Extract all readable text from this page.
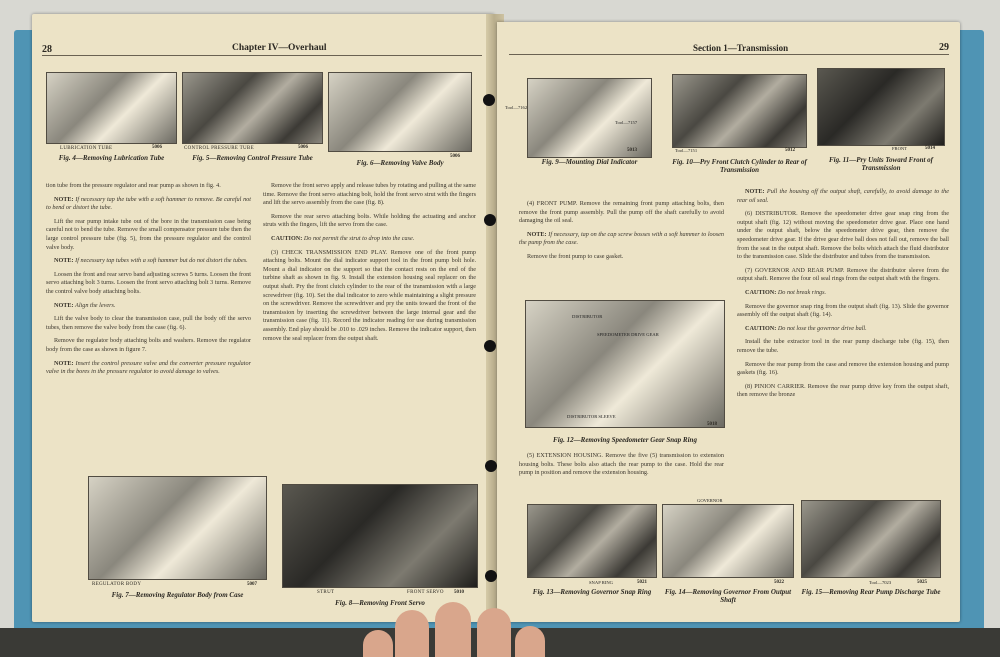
28	Chapter IV—Overhaul
LUBRICATION TUBE	5006
Fig. 4—Removing Lubrication Tube
CONTROL PRESSURE TUBE	5006
Fig. 5—Removing Control Pressure Tube	5006
Fig. 6—Removing Valve Body

tion tube from the pressure regulator and rear pump as shown in fig. 4.

NOTE: If necessary tap the tube with a soft hammer to remove. Be careful not to bend or distort the tube.

Lift the rear pump intake tube out of the bore in the transmission case being careful not to bend the tube. Remove the small compensator pressure tube then the large control pressure tube (fig. 5), from the pressure regulator and the control valve body.

NOTE: If necessary tap tubes with a soft hammer but do not distort the tubes.

Loosen the front and rear servo band adjusting screws 5 turns. Loosen the front servo attaching bolt 3 turns. Loosen the front servo attaching bolt 3 turns. Remove the control valve body attaching bolts.

NOTE: Align the levers.

Lift the valve body to clear the transmission case, pull the body off the servo tubes, then remove the valve body from the case (fig. 6).

Remove the regulator body attaching bolts and washers. Remove the regulator body from the case as shown in figure 7.

NOTE: Insert the control pressure valve and the converter pressure regulator valve in the bores in the pressure regulator to avoid damage to valves.

Remove the front servo apply and release tubes by rotating and pulling at the same time. Remove the front servo attaching bolt, hold the front servo strut with the fingers and lift the servo assembly from the case (fig. 8).

Remove the rear servo attaching bolts. While holding the actuating and anchor struts with the fingers, lift the servo from the case.

CAUTION: Do not permit the strut to drop into the case.

(3) CHECK TRANSMISSION END PLAY. Remove one of the front pump attaching bolts. Mount the dial indicator support tool in the front pump bolt hole. Mount a dial indicator on the support so that the contact rests on the end of the turbine shaft as shown in fig. 9. Install the extension housing seal replacer on the output shaft. Pry the front clutch cylinder to the rear of the transmission with a large screwdriver (fig. 10). Set the dial indicator to zero while maintaining a slight pressure on the screwdriver. Remove the screwdriver and pry the units toward the front of the transmission by inserting the screwdriver between the large internal gear and the transmission case (fig. 11). Record the indicator reading for use during transmission assembly. End play should be .010 to .029 inches. Remove the indicator support, then remove the seal replacer from the output shaft.

REGULATOR BODY	5007
Fig. 7—Removing Regulator Body from Case	STRUT	FRONT SERVO 5010
Fig. 8—Removing Front Servo
Section 1—Transmission	29
Tool—7162
Tool—7157
5013
Fig. 9—Mounting Dial Indicator
Tool—7151	5012
Fig. 10—Pry Front Clutch Cylinder to Rear of Transmission
FRONT	5014
Fig. 11—Pry Units Toward Front of Transmission

(4) FRONT PUMP. Remove the remaining front pump attaching bolts, then remove the front pump assembly. Pull the pump off the shaft carefully to avoid damaging the oil seal.

NOTE: If necessary, tap on the cap screw bosses with a soft hammer to loosen the pump from the case.

Remove the front pump to case gasket.

DISTRIBUTOR
SPEEDOMETER DRIVE GEAR
DISTRIBUTOR SLEEVE
5018
Fig. 12—Removing Speedometer Gear Snap Ring

(5) EXTENSION HOUSING. Remove the five (5) transmission to extension housing bolts. These bolts also attach the rear pump to the case. Hold the rear pump in position and remove the extension housing.

NOTE: Pull the housing off the output shaft, carefully, to avoid damage to the rear oil seal.

(6) DISTRIBUTOR. Remove the speedometer drive gear snap ring from the output shaft (fig. 12) without moving the speedometer drive gear. Place one hand under the output shaft, below the speedometer drive gear, then remove the speedometer drive gear. If the drive gear drive ball does not fall out, remove the ball from the seat in the output shaft. Remove the bolts which attach the fluid distributor to the transmission case. Slide the distributor and tubes from the transmission.

(7) GOVERNOR AND REAR PUMP. Remove the distributor sleeve from the output shaft. Remove the four oil seal rings from the output shaft with the fingers.

CAUTION: Do not break rings.

Remove the governor snap ring from the output shaft (fig. 13). Slide the governor assembly off the output shaft (fig. 14).

CAUTION: Do not lose the governor drive ball.

Install the tube extractor tool in the rear pump discharge tube (fig. 15), then remove the tube.

Remove the rear pump from the case and remove the extension housing and pump gaskets (fig. 16).

(8) PINION CARRIER. Remove the rear pump drive key from the output shaft, then remove the bronze

SNAP RING	5021
Fig. 13—Removing Governor Snap Ring
GOVERNOR
5022
Fig. 14—Removing Governor From Output Shaft
Tool—7023	5025
Fig. 15—Removing Rear Pump Discharge Tube
